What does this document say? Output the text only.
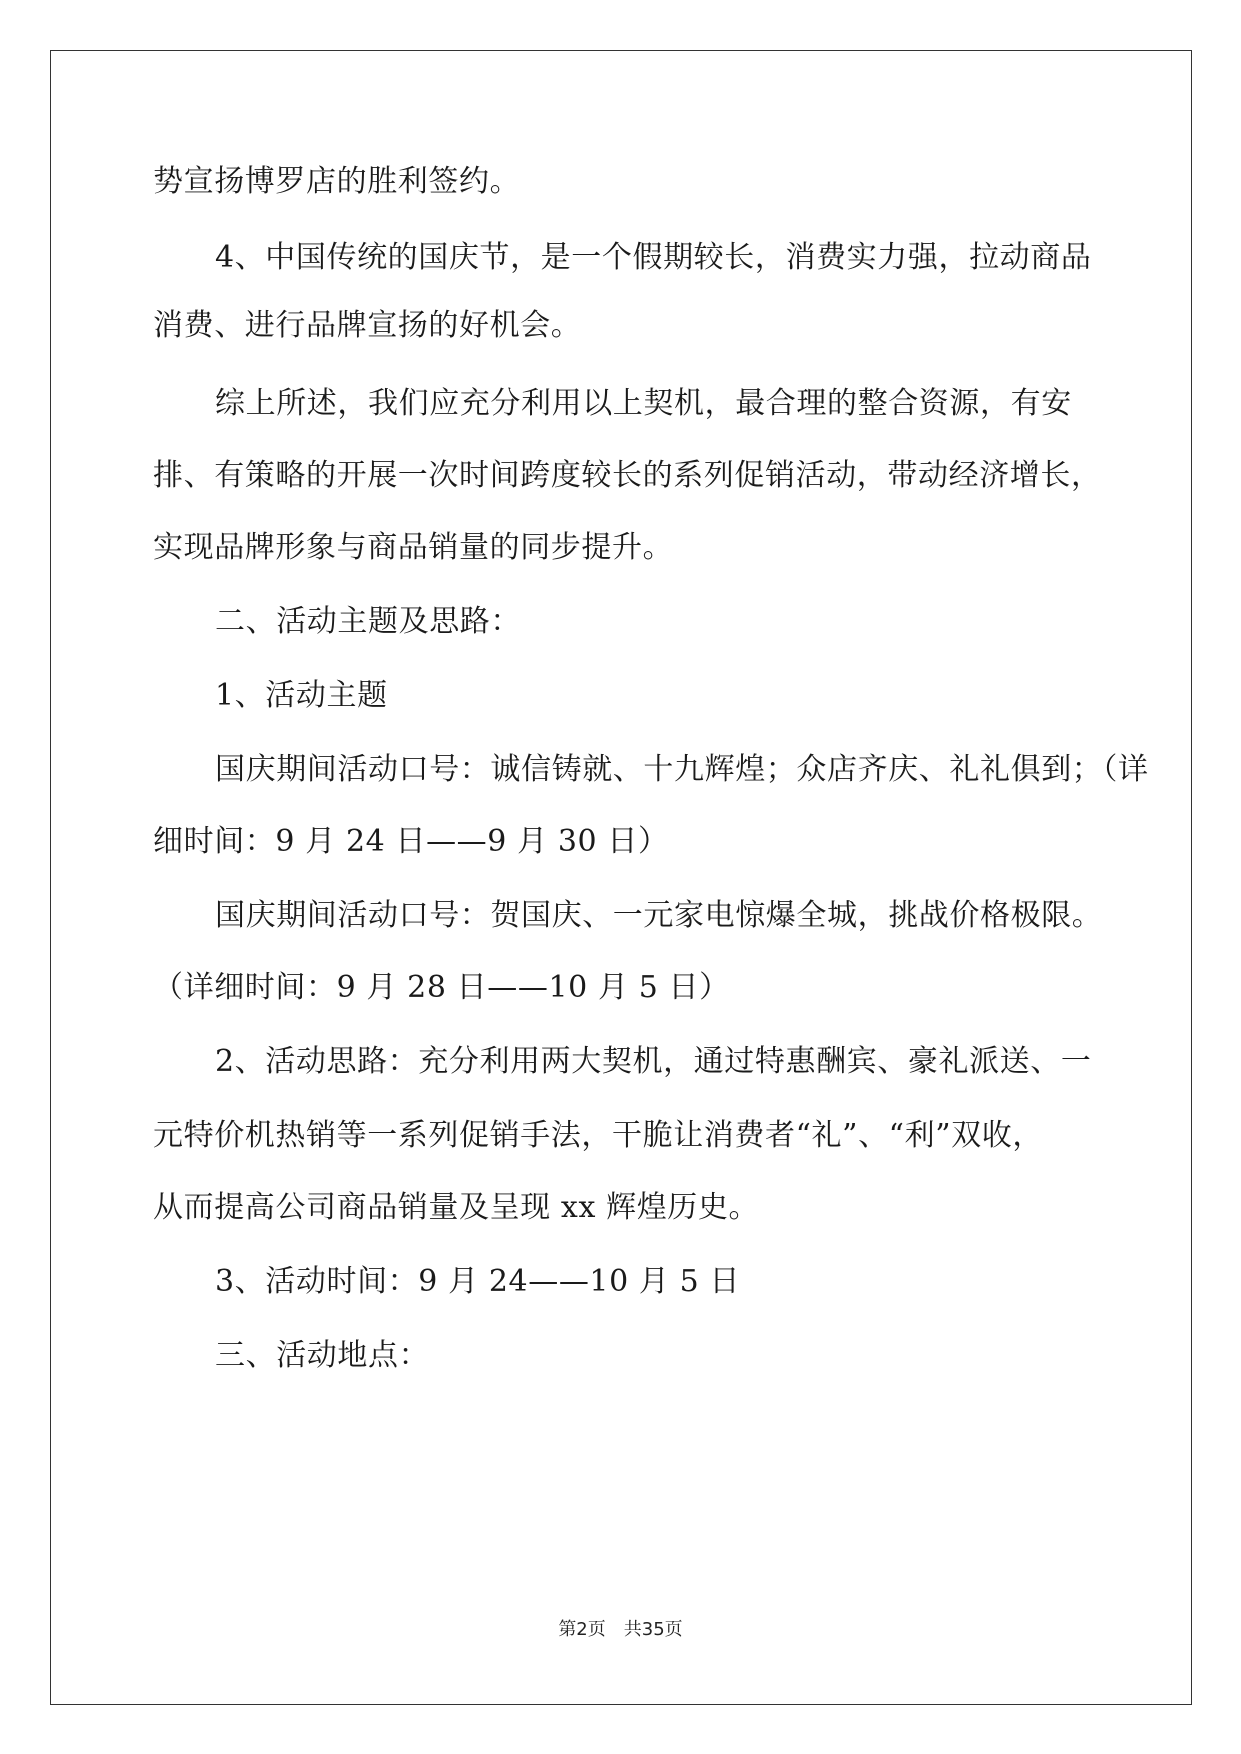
势宣扬博罗店的胜利签约。
4、中国传统的国庆节，是一个假期较长，消费实力强，拉动商品
消费、进行品牌宣扬的好机会。
综上所述，我们应充分利用以上契机，最合理的整合资源，有安
排、有策略的开展一次时间跨度较长的系列促销活动，带动经济增长，
实现品牌形象与商品销量的同步提升。
二、活动主题及思路：
1、活动主题
国庆期间活动口号：诚信铸就、十九辉煌；众店齐庆、礼礼俱到；（详
细时间：9 月 24 日——9 月 30 日）
国庆期间活动口号：贺国庆、一元家电惊爆全城，挑战价格极限。
（详细时间：9 月 28 日——10 月 5 日）
2、活动思路：充分利用两大契机，通过特惠酬宾、豪礼派送、一
元特价机热销等一系列促销手法，干脆让消费者“礼”、“利”双收，
从而提高公司商品销量及呈现 xx 辉煌历史。
3、活动时间：9 月 24——10 月 5 日
三、活动地点：
第2页 共35页
